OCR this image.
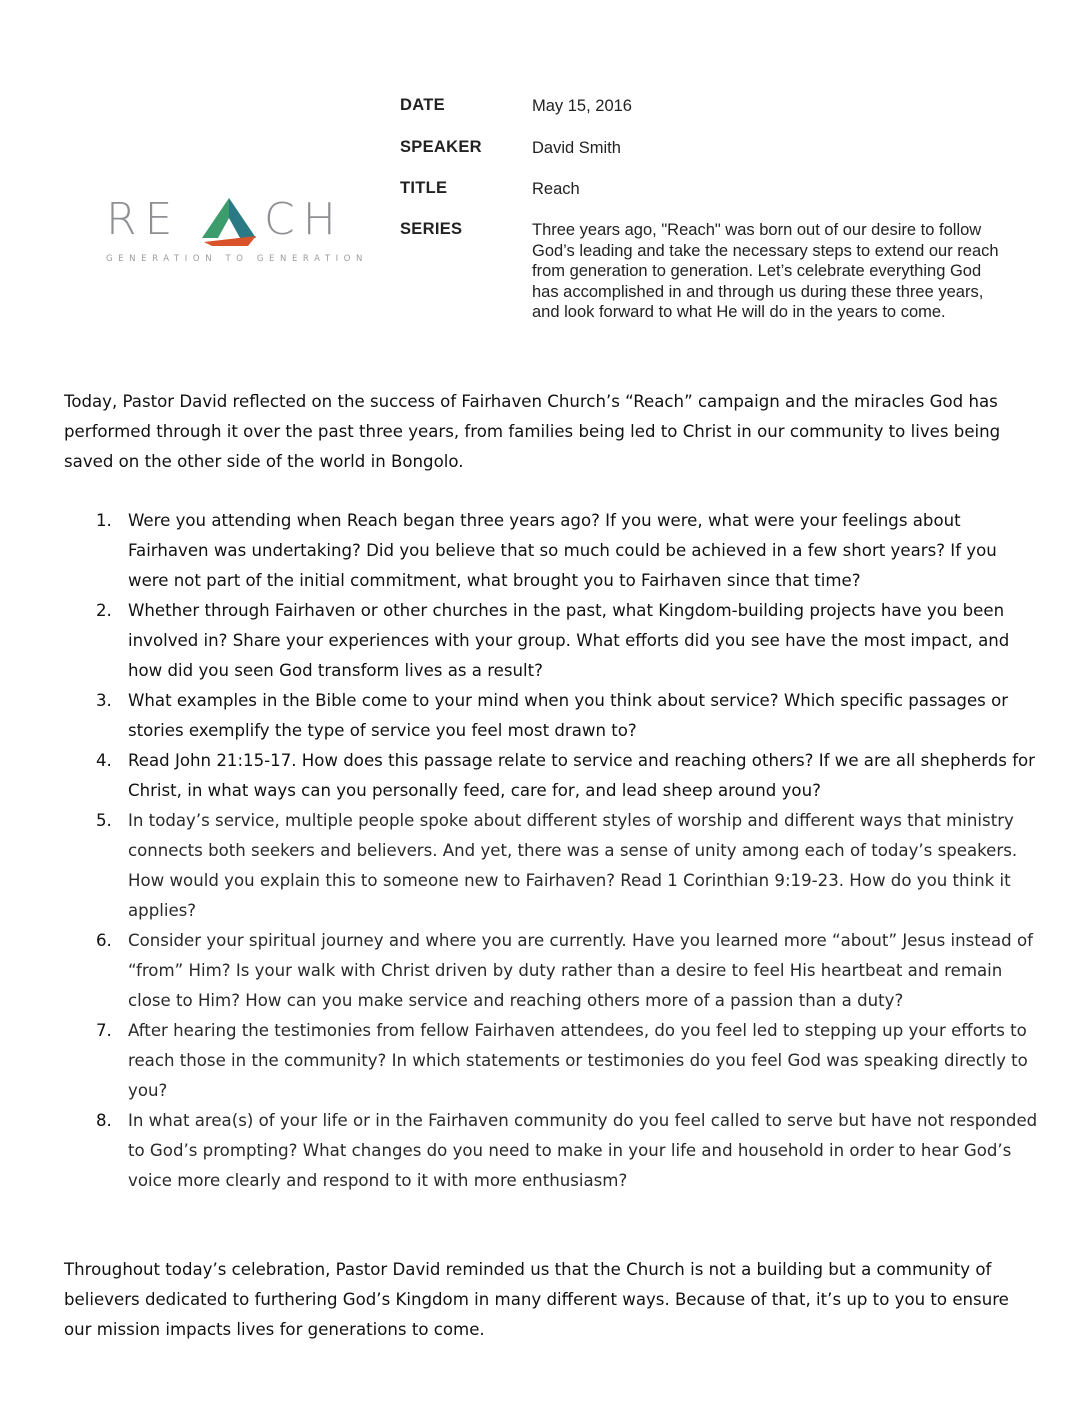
RE CH
GENERATION TO GENERATION
DATE	May 15, 2016
SPEAKER	David Smith
TITLE	Reach
SERIES	Three years ago, "Reach" was born out of our desire to follow God’s leading and take the necessary steps to extend our reach from generation to generation. Let’s celebrate everything God has accomplished in and through us during these three years, and look forward to what He will do in the years to come.

Today, Pastor David reflected on the success of Fairhaven Church’s “Reach” campaign and the miracles God has performed through it over the past three years, from families being led to Christ in our community to lives being saved on the other side of the world in Bongolo.

1. Were you attending when Reach began three years ago? If you were, what were your feelings about Fairhaven was undertaking? Did you believe that so much could be achieved in a few short years? If you were not part of the initial commitment, what brought you to Fairhaven since that time?
2. Whether through Fairhaven or other churches in the past, what Kingdom-building projects have you been involved in? Share your experiences with your group. What efforts did you see have the most impact, and how did you seen God transform lives as a result?
3. What examples in the Bible come to your mind when you think about service? Which specific passages or stories exemplify the type of service you feel most drawn to?
4. Read John 21:15-17. How does this passage relate to service and reaching others? If we are all shepherds for Christ, in what ways can you personally feed, care for, and lead sheep around you?
5. In today’s service, multiple people spoke about different styles of worship and different ways that ministry connects both seekers and believers. And yet, there was a sense of unity among each of today’s speakers. How would you explain this to someone new to Fairhaven? Read 1 Corinthian 9:19-23. How do you think it applies?
6. Consider your spiritual journey and where you are currently. Have you learned more “about” Jesus instead of “from” Him? Is your walk with Christ driven by duty rather than a desire to feel His heartbeat and remain close to Him? How can you make service and reaching others more of a passion than a duty?
7. After hearing the testimonies from fellow Fairhaven attendees, do you feel led to stepping up your efforts to reach those in the community? In which statements or testimonies do you feel God was speaking directly to you?
8. In what area(s) of your life or in the Fairhaven community do you feel called to serve but have not responded to God’s prompting? What changes do you need to make in your life and household in order to hear God’s voice more clearly and respond to it with more enthusiasm?

Throughout today’s celebration, Pastor David reminded us that the Church is not a building but a community of believers dedicated to furthering God’s Kingdom in many different ways. Because of that, it’s up to you to ensure our mission impacts lives for generations to come.
